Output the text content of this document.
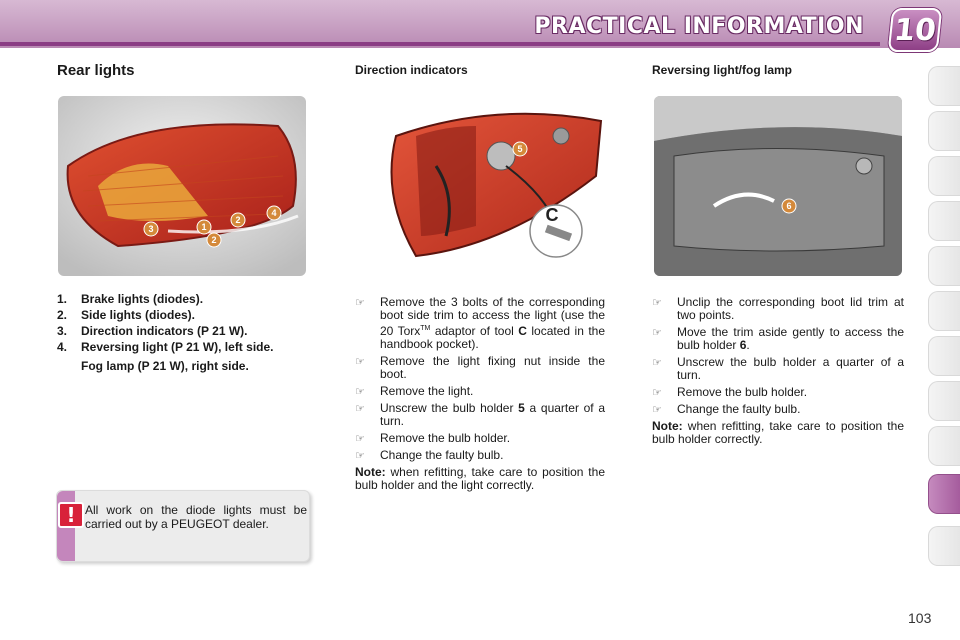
PRACTICAL INFORMATION 10
Rear lights	Direction indicators	Reversing light/fog lamp
3	1
2
2
4
5
C	6
1.	Brake lights (diodes).
2.	Side lights (diodes).
3.	Direction indicators (P 21 W).
4.	Reversing light (P 21 W), left side.
Fog lamp (P 21 W), right side.
! All work on the diode lights must be carried out by a PEUGEOT dealer.
☞	Remove the 3 bolts of the corresponding boot side trim to access the light (use the 20 Torx™ adaptor of tool C located in the handbook pocket).
☞	Remove the light fixing nut inside the boot.
☞	Remove the light.
☞	Unscrew the bulb holder 5 a quarter of a turn.
☞	Remove the bulb holder.
☞	Change the faulty bulb.
Note: when refitting, take care to position the bulb holder and the light correctly.
☞	Unclip the corresponding boot lid trim at two points.
☞	Move the trim aside gently to access the bulb holder 6.
☞	Unscrew the bulb holder a quarter of a turn.
☞	Remove the bulb holder.
☞	Change the faulty bulb.
Note: when refitting, take care to position the bulb holder correctly.
103
